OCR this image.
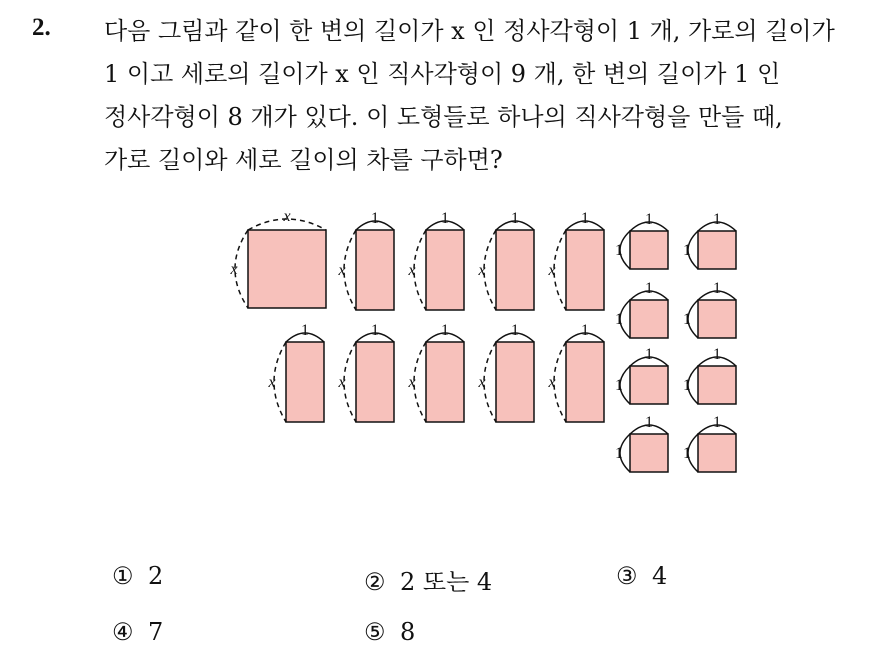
2. 다음 그림과 같이 한 변의 길이가 x 인 정사각형이 1 개, 가로의 길이가
1 이고 세로의 길이가 x 인 직사각형이 9 개, 한 변의 길이가 1 인
정사각형이 8 개가 있다. 이 도형들로 하나의 직사각형을 만들 때,
가로 길이와 세로 길이의 차를 구하면?
x
x
1
x
1
x
1
x
1
x
1
x
1
x
1
x
1
x
1
x
1
1
1
1
1
1
1
1
1
1
1
1
1
1
1
1
① 2	② 2 또는 4	③ 4
④ 7	⑤ 8
